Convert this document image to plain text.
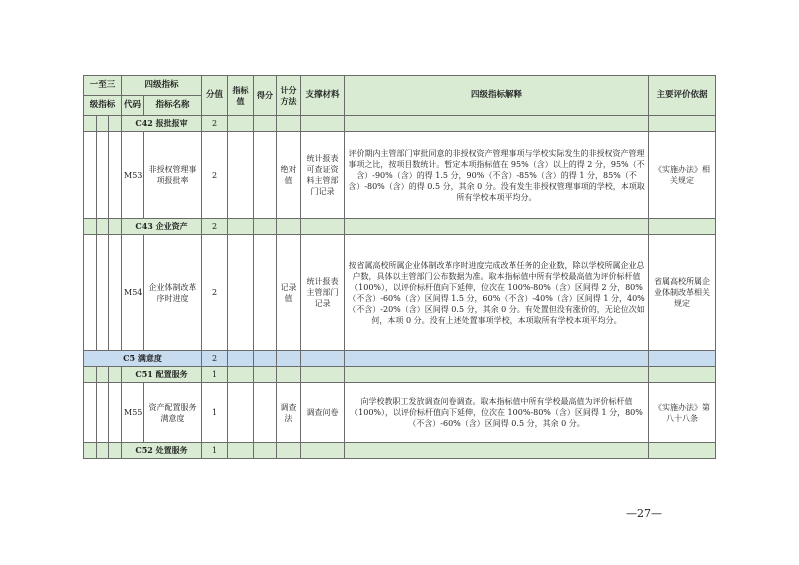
一至三			四级指标		分值	指标值	得分	计分方法	支撑材料	四级指标解释	主要评价依据
级指标			代码	指标名称							
			C42 报批报审		2						
			M53	非授权管理事项报批率	2			绝对值	统计报表可查证资料主管部门记录	评价期内主管部门审批同意的非授权资产管理事项与学校实际发生的非授权资产管理事项之比，按项目数统计。暂定本项指标值在 95%（含）以上的得 2 分，95%（不含）-90%（含）的得 1.5 分，90%（不含）-85%（含）的得 1 分，85%（不含）-80%（含）的得 0.5 分，其余 0 分。没有发生非授权管理事项的学校，本项取所有学校本项平均分。	《实施办法》相关规定
			C43 企业资产		2						
			M54	企业体制改革序时进度	2			记录值	统计报表主管部门记录	按省属高校所属企业体制改革序时进度完成改革任务的企业数，除以学校所属企业总户数，具体以主管部门公布数据为准。取本指标值中所有学校最高值为评价标杆值（100%），以评价标杆值向下延伸，位次在 100%-80%（含）区间得 2 分，80%（不含）-60%（含）区间得 1.5 分，60%（不含）-40%（含）区间得 1 分，40%（不含）-20%（含）区间得 0.5 分，其余 0 分。有处置但没有涨价的，无论位次如何，本项 0 分。没有上述处置事项学校，本项取所有学校本项平均分。	省属高校所属企业体制改革相关规定
C5 满意度					2						
			C51 配置服务		1						
			M55	资产配置服务满意度	1			调查法	调查问卷	向学校教职工发放调查问卷调查。取本指标值中所有学校最高值为评价标杆值（100%），以评价标杆值向下延伸，位次在 100%-80%（含）区间得 1 分，80%（不含）-60%（含）区间得 0.5 分，其余 0 分。	《实施办法》第八十八条
			C52 处置服务		1						
—27—
